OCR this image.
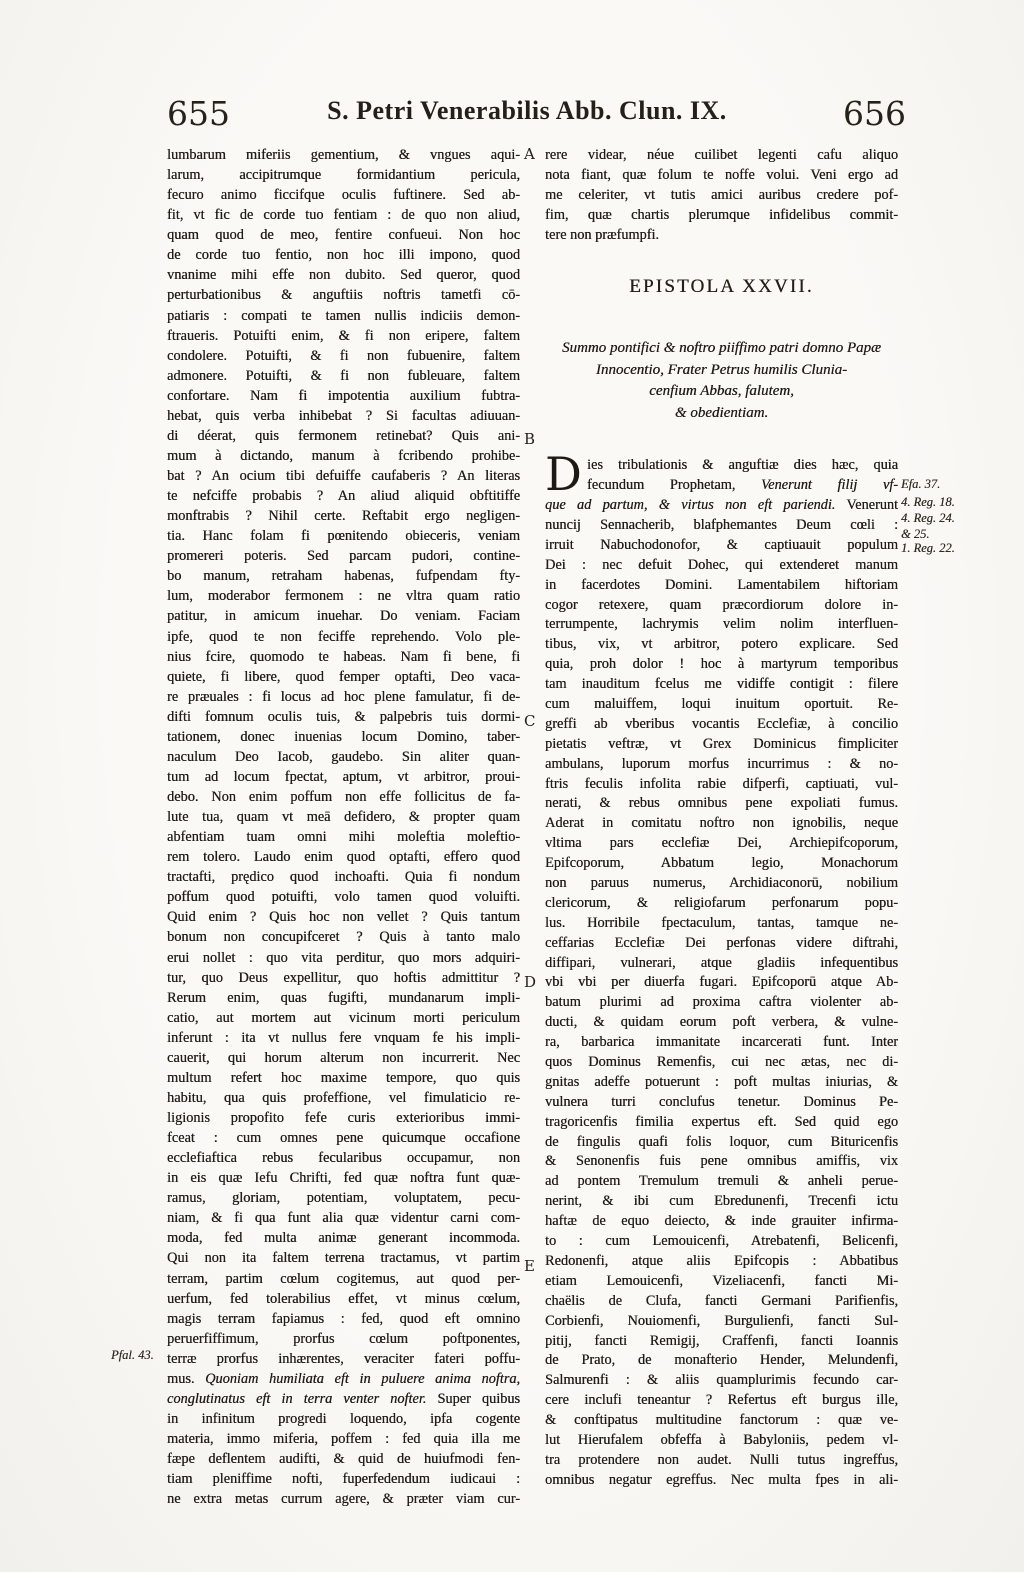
655	S. Petri Venerabilis Abb. Clun. IX.	656
lumbarum miferiis gementium, & vngues aqui-
larum, accipitrumque formidantium pericula,
fecuro animo ficcifque oculis fuftinere. Sed ab-
fit, vt fic de corde tuo fentiam : de quo non aliud,
quam quod de meo, fentire confueui. Non hoc
de corde tuo fentio, non hoc illi impono, quod
vnanime mihi effe non dubito. Sed queror, quod
perturbationibus & anguftiis noftris tametfi cō-
patiaris : compati te tamen nullis indiciis demon-
ftraueris. Potuifti enim, & fi non eripere, faltem
condolere. Potuifti, & fi non fubuenire, faltem
admonere. Potuifti, & fi non fubleuare, faltem
confortare. Nam fi impotentia auxilium fubtra-
hebat, quis verba inhibebat ? Si facultas adiuuan-
di déerat, quis fermonem retinebat? Quis ani-
mum à dictando, manum à fcribendo prohibe-
bat ? An ocium tibi defuiffe caufaberis ? An literas
te nefciffe probabis ? An aliud aliquid obftitiffe
monftrabis ? Nihil certe. Reftabit ergo negligen-
tia. Hanc folam fi pœnitendo obieceris, veniam
promereri poteris. Sed parcam pudori, contine-
bo manum, retraham habenas, fufpendam fty-
lum, moderabor fermonem : ne vltra quam ratio
patitur, in amicum inuehar. Do veniam. Faciam
ipfe, quod te non feciffe reprehendo. Volo ple-
nius fcire, quomodo te habeas. Nam fi bene, fi
quiete, fi libere, quod femper optafti, Deo vaca-
re præuales : fi locus ad hoc plene famulatur, fi de-
difti fomnum oculis tuis, & palpebris tuis dormi-
tationem, donec inuenias locum Domino, taber-
naculum Deo Iacob, gaudebo. Sin aliter quan-
tum ad locum fpectat, aptum, vt arbitror, proui-
debo. Non enim poffum non effe follicitus de fa-
lute tua, quam vt meā defidero, & propter quam
abfentiam tuam omni mihi moleftia moleftio-
rem tolero. Laudo enim quod optafti, effero quod
tractafti, prędico quod inchoafti. Quia fi nondum
poffum quod potuifti, volo tamen quod voluifti.
Quid enim ? Quis hoc non vellet ? Quis tantum
bonum non concupifceret ? Quis à tanto malo
erui nollet : quo vita perditur, quo mors adquiri-
tur, quo Deus expellitur, quo hoftis admittitur ?
Rerum enim, quas fugifti, mundanarum impli-
catio, aut mortem aut vicinum morti periculum
inferunt : ita vt nullus fere vnquam fe his impli-
cauerit, qui horum alterum non incurrerit. Nec
multum refert hoc maxime tempore, quo quis
habitu, qua quis profeffione, vel fimulaticio re-
ligionis propofito fefe curis exterioribus immi-
fceat : cum omnes pene quicumque occafione
ecclefiaftica rebus fecularibus occupamur, non
in eis quæ Iefu Chrifti, fed quæ noftra funt quæ-
ramus, gloriam, potentiam, voluptatem, pecu-
niam, & fi qua funt alia quæ videntur carni com-
moda, fed multa animæ generant incommoda.
Qui non ita faltem terrena tractamus, vt partim
terram, partim cœlum cogitemus, aut quod per-
uerfum, fed tolerabilius effet, vt minus cœlum,
magis terram fapiamus : fed, quod eft omnino
peruerfiffimum, prorfus cœlum poftponentes,
terræ prorfus inhærentes, veraciter fateri poffu-
mus. Quoniam humiliata eft in puluere anima noftra,
conglutinatus eft in terra venter nofter. Super quibus
in infinitum progredi loquendo, ipfa cogente
materia, immo miferia, poffem : fed quia illa me
fæpe deflentem audifti, & quid de huiufmodi fen-
tiam pleniffime nofti, fuperfedendum iudicaui :
ne extra metas currum agere, & præter viam cur-
rere videar, néue cuilibet legenti cafu aliquo
nota fiant, quæ folum te noffe volui. Veni ergo ad
me celeriter, vt tutis amici auribus credere pof-
fim, quæ chartis plerumque infidelibus commit-
tere non præfumpfi.
EPISTOLA XXVII.
Summo pontifici & noftro piiffimo patri domno Papæ
Innocentio, Frater Petrus humilis Clunia-
cenfium Abbas, falutem,
& obedientiam.
D ies tribulationis & anguftiæ dies hæc, quia
fecundum Prophetam, Venerunt filij vf-
que ad partum, & virtus non eft pariendi. Venerunt
nuncij Sennacherib, blafphemantes Deum cœli :
irruit Nabuchodonofor, & captiuauit populum
Dei : nec defuit Dohec, qui extenderet manum
in facerdotes Domini. Lamentabilem hiftoriam
cogor retexere, quam præcordiorum dolore in-
terrumpente, lachrymis velim nolim interfluen-
tibus, vix, vt arbitror, potero explicare. Sed
quia, proh dolor ! hoc à martyrum temporibus
tam inauditum fcelus me vidiffe contigit : filere
cum maluiffem, loqui inuitum oportuit. Re-
greffi ab vberibus vocantis Ecclefiæ, à concilio
pietatis veftræ, vt Grex Dominicus fimpliciter
ambulans, luporum morfus incurrimus : & no-
ftris feculis infolita rabie difperfi, captiuati, vul-
nerati, & rebus omnibus pene expoliati fumus.
Aderat in comitatu noftro non ignobilis, neque
vltima pars ecclefiæ Dei, Archiepifcoporum,
Epifcoporum, Abbatum legio, Monachorum
non paruus numerus, Archidiaconorū, nobilium
clericorum, & religiofarum perfonarum popu-
lus. Horribile fpectaculum, tantas, tamque ne-
ceffarias Ecclefiæ Dei perfonas videre diftrahi,
diffipari, vulnerari, atque gladiis infequentibus
vbi vbi per diuerfa fugari. Epifcoporū atque Ab-
batum plurimi ad proxima caftra violenter ab-
ducti, & quidam eorum poft verbera, & vulne-
ra, barbarica immanitate incarcerati funt. Inter
quos Dominus Remenfis, cui nec ætas, nec di-
gnitas adeffe potuerunt : poft multas iniurias, &
vulnera turri conclufus tenetur. Dominus Pe-
tragoricenfis fimilia expertus eft. Sed quid ego
de fingulis quafi folis loquor, cum Bituricenfis
& Senonenfis fuis pene omnibus amiffis, vix
ad pontem Tremulum tremuli & anheli perue-
nerint, & ibi cum Ebredunenfi, Trecenfi ictu
haftæ de equo deiecto, & inde grauiter infirma-
to : cum Lemouicenfi, Atrebatenfi, Belicenfi,
Redonenfi, atque aliis Epifcopis : Abbatibus
etiam Lemouicenfi, Vizeliacenfi, fancti Mi-
chaëlis de Clufa, fancti Germani Parifienfis,
Corbienfi, Nouiomenfi, Burgulienfi, fancti Sul-
pitij, fancti Remigij, Craffenfi, fancti Ioannis
de Prato, de monafterio Hender, Melundenfi,
Salmurenfi : & aliis quamplurimis fecundo car-
cere inclufi teneantur ? Refertus eft burgus ille,
& conftipatus multitudine fanctorum : quæ ve-
lut Hierufalem obfeffa à Babyloniis, pedem vl-
tra protendere non audet. Nulli tutus ingreffus,
omnibus negatur egreffus. Nec multa fpes in ali-
A
B
C
D
E
Pfal. 43.
Efa. 37.
4. Reg. 18.
4. Reg. 24.
& 25.
1. Reg. 22.
